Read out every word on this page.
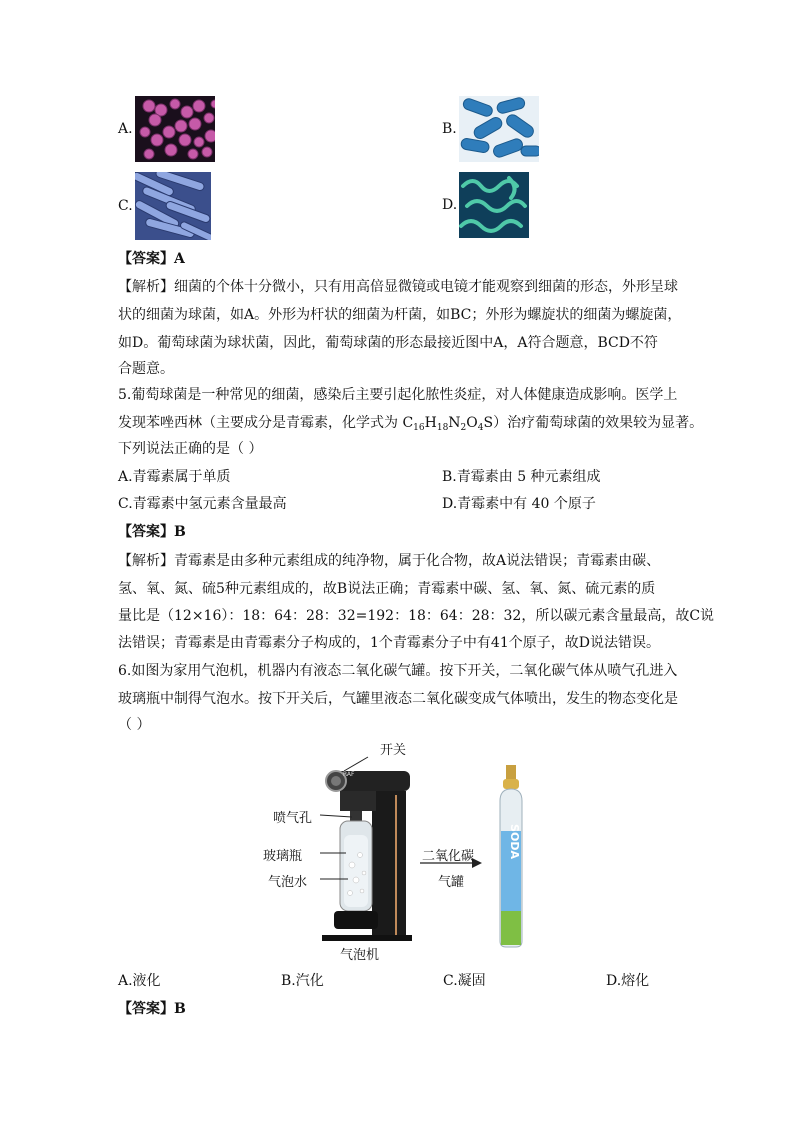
A.	B.
C.	D.
【答案】A
【解析】细菌的个体十分微小，只有用高倍显微镜或电镜才能观察到细菌的形态，外形呈球
状的细菌为球菌，如A。外形为杆状的细菌为杆菌，如BC；外形为螺旋状的细菌为螺旋菌，
如D。葡萄球菌为球状菌，因此，葡萄球菌的形态最接近图中A，A符合题意，BCD不符
合题意。
5.葡萄球菌是一种常见的细菌，感染后主要引起化脓性炎症，对人体健康造成影响。医学上
发现苯唑西林（主要成分是青霉素，化学式为 $C_{16}H_{18}N_2O_4S$）治疗葡萄球菌的效果较为显著。
下列说法正确的是（ ）
A.青霉素属于单质	B.青霉素由 5 种元素组成
C.青霉素中氢元素含量最高	D.青霉素中有 40 个原子
【答案】B
【解析】青霉素是由多种元素组成的纯净物，属于化合物，故A说法错误；青霉素由碳、
氢、氧、氮、硫5种元素组成的，故B说法正确；青霉素中碳、氢、氧、氮、硫元素的质
量比是（12×16）：18：64：28：32=192：18：64：28：32，所以碳元素含量最高，故C说
法错误；青霉素是由青霉素分子构成的，1个青霉素分子中有41个原子，故D说法错误。
6.如图为家用气泡机，机器内有液态二氧化碳气罐。按下开关，二氧化碳气体从喷气孔进入
玻璃瓶中制得气泡水。按下开关后，气罐里液态二氧化碳变成气体喷出，发生的物态变化是
（ ）
开关
RAF
喷气孔
玻璃瓶
气泡水
二氧化碳
气罐
SODA
气泡机
A.液化	B.汽化	C.凝固	D.熔化
【答案】B
